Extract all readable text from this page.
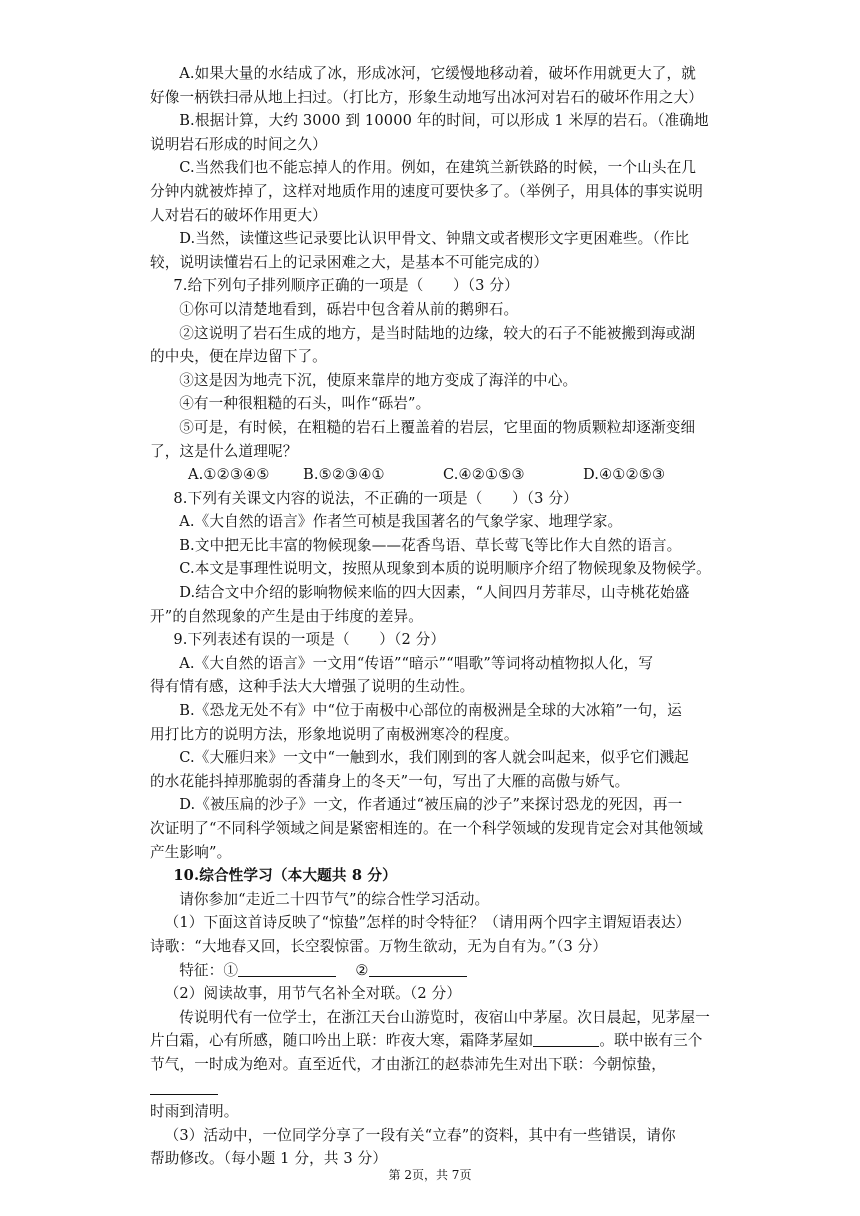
A.如果大量的水结成了冰，形成冰河，它缓慢地移动着，破坏作用就更大了，就

好像一柄铁扫帚从地上扫过。（打比方，形象生动地写出冰河对岩石的破坏作用之大）

B.根据计算，大约 3000 到 10000 年的时间，可以形成 1 米厚的岩石。（准确地

说明岩石形成的时间之久）

C.当然我们也不能忘掉人的作用。例如，在建筑兰新铁路的时候，一个山头在几

分钟内就被炸掉了，这样对地质作用的速度可要快多了。（举例子，用具体的事实说明

人对岩石的破坏作用更大）

D.当然，读懂这些记录要比认识甲骨文、钟鼎文或者楔形文字更困难些。（作比

较，说明读懂岩石上的记录困难之大，是基本不可能完成的）

7.给下列句子排列顺序正确的一项是（　　）（3 分）

①你可以清楚地看到，砾岩中包含着从前的鹅卵石。

②这说明了岩石生成的地方，是当时陆地的边缘，较大的石子不能被搬到海或湖

的中央，便在岸边留下了。

③这是因为地壳下沉，使原来靠岸的地方变成了海洋的中心。

④有一种很粗糙的石头，叫作“砾岩”。

⑤可是，有时候，在粗糙的岩石上覆盖着的岩层，它里面的物质颗粒却逐渐变细

了，这是什么道理呢？

A.①②③④⑤ B.⑤②③④①	C.④②①⑤③	D.④①②⑤③

8.下列有关课文内容的说法，不正确的一项是（　　）（3 分）

A.《大自然的语言》作者竺可桢是我国著名的气象学家、地理学家。

B.文中把无比丰富的物候现象——花香鸟语、草长莺飞等比作大自然的语言。

C.本文是事理性说明文，按照从现象到本质的说明顺序介绍了物候现象及物候学。

D.结合文中介绍的影响物候来临的四大因素，“人间四月芳菲尽，山寺桃花始盛

开”的自然现象的产生是由于纬度的差异。

9.下列表述有误的一项是（　　）（2 分）

A.《大自然的语言》一文用“传语”“暗示”“唱歌”等词将动植物拟人化，写

得有情有感，这种手法大大增强了说明的生动性。

B.《恐龙无处不有》中“位于南极中心部位的南极洲是全球的大冰箱”一句，运

用打比方的说明方法，形象地说明了南极洲寒冷的程度。

C.《大雁归来》一文中“一触到水，我们刚到的客人就会叫起来，似乎它们溅起

的水花能抖掉那脆弱的香蒲身上的冬天”一句，写出了大雁的高傲与娇气。

D.《被压扁的沙子》一文，作者通过“被压扁的沙子”来探讨恐龙的死因，再一

次证明了“不同科学领域之间是紧密相连的。在一个科学领域的发现肯定会对其他领域

产生影响”。

10.综合性学习（本大题共 8 分）

请你参加“走近二十四节气”的综合性学习活动。

（1）下面这首诗反映了“惊蛰”怎样的时令特征？（请用两个四字主谓短语表达）

诗歌：“大地春又回，长空裂惊雷。万物生欲动，无为自有为。”（3 分）

特征：①	②

（2）阅读故事，用节气名补全对联。（2 分）

传说明代有一位学士，在浙江天台山游览时，夜宿山中茅屋。次日晨起，见茅屋一

片白霜，心有所感，随口吟出上联：昨夜大寒，霜降茅屋如	。联中嵌有三个

节气，一时成为绝对。直至近代，才由浙江的赵恭沛先生对出下联：今朝惊蛰，

时雨到清明。

（3）活动中，一位同学分享了一段有关“立春”的资料，其中有一些错误，请你

帮助修改。（每小题 1 分，共 3 分）

第 2页，共 7页
